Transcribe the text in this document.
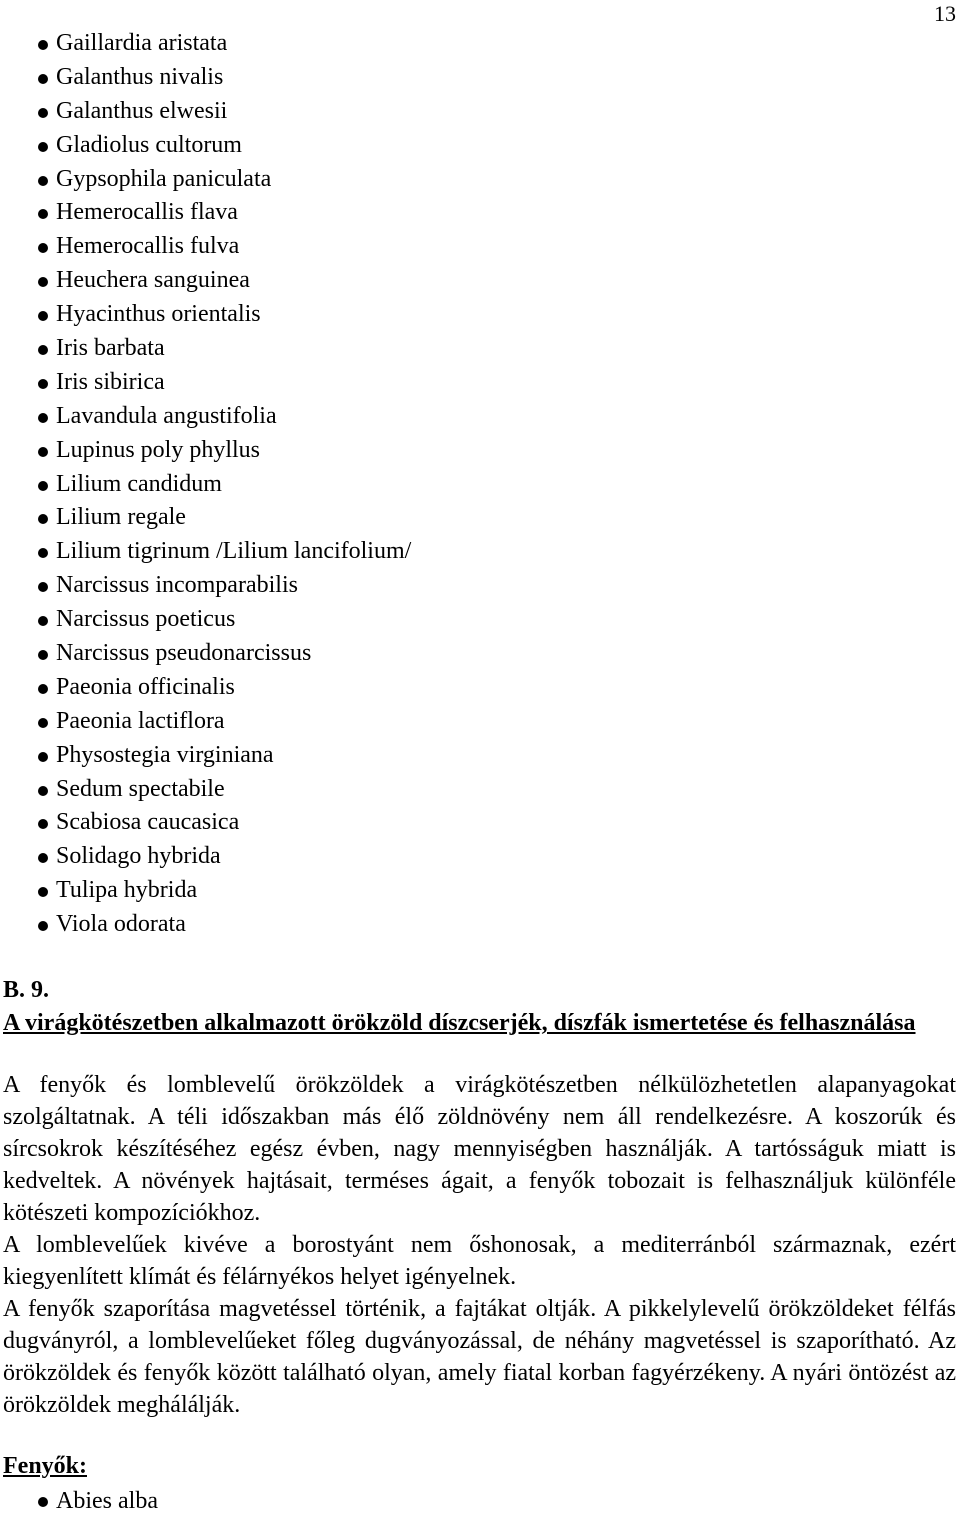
13
Gaillardia aristata
Galanthus nivalis
Galanthus elwesii
Gladiolus cultorum
Gypsophila paniculata
Hemerocallis flava
Hemerocallis fulva
Heuchera sanguinea
Hyacinthus orientalis
Iris barbata
Iris sibirica
Lavandula angustifolia
Lupinus poly phyllus
Lilium candidum
Lilium regale
Lilium tigrinum /Lilium lancifolium/
Narcissus incomparabilis
Narcissus poeticus
Narcissus pseudonarcissus
Paeonia officinalis
Paeonia lactiflora
Physostegia virginiana
Sedum spectabile
Scabiosa caucasica
Solidago hybrida
Tulipa hybrida
Viola odorata
B. 9.
A virágkötészetben alkalmazott örökzöld díszcserjék, díszfák ismertetése és felhasználása

A fenyők és lomblevelű örökzöldek a virágkötészetben nélkülözhetetlen alapanyagokat szolgáltatnak. A téli időszakban más élő zöldnövény nem áll rendelkezésre. A koszorúk és sírcsokrok készítéséhez egész évben, nagy mennyiségben használják. A tartósságuk miatt is kedveltek. A növények hajtásait, terméses ágait, a fenyők tobozait is felhasználjuk különféle kötészeti kompozíciókhoz.

A lomblevelűek kivéve a borostyánt nem őshonosak, a mediterránból származnak, ezért kiegyenlített klímát és félárnyékos helyet igényelnek.

A fenyők szaporítása magvetéssel történik, a fajtákat oltják. A pikkelylevelű örökzöldeket félfás dugványról, a lomblevelűeket főleg dugványozással, de néhány magvetéssel is szaporítható. Az örökzöldek és fenyők között található olyan, amely fiatal korban fagyérzékeny. A nyári öntözést az örökzöldek meghálálják.

Fenyők:
Abies alba
